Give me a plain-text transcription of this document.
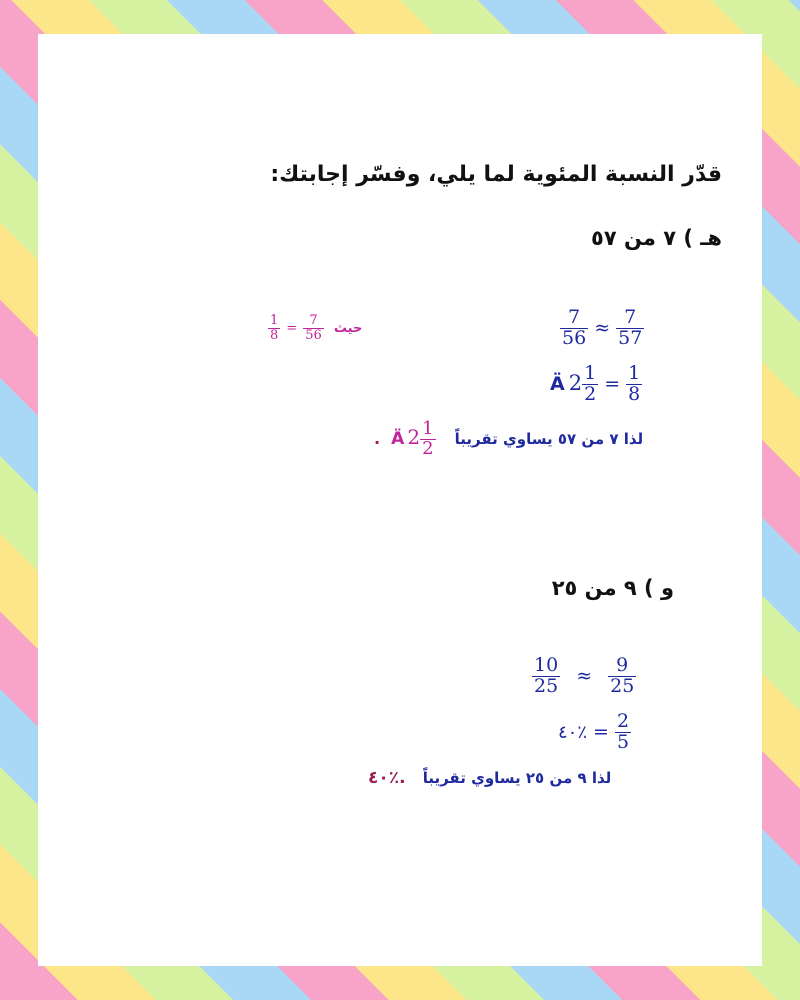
قدّر النسبة المئوية لما يلي، وفسّر إجابتك:
هـ ) ٧ من ٥٧
$\frac{7}{56} \approx \frac{7}{57}$
Ä $2 \frac{1}{2} = \frac{1}{8}$
$\frac{1}{8} = \frac{7}{56}$ حيث
. Ä $2 \frac{1}{2}$ لذا ٧ من ٥٧ يساوي تقريباً
و ) ٩ من ٢٥
$\frac{10}{25} \approx \frac{9}{25}$
٤٠٪ = $\frac{2}{5}$
٤٠٪. لذا ٩ من ٢٥ يساوي تقريباً
